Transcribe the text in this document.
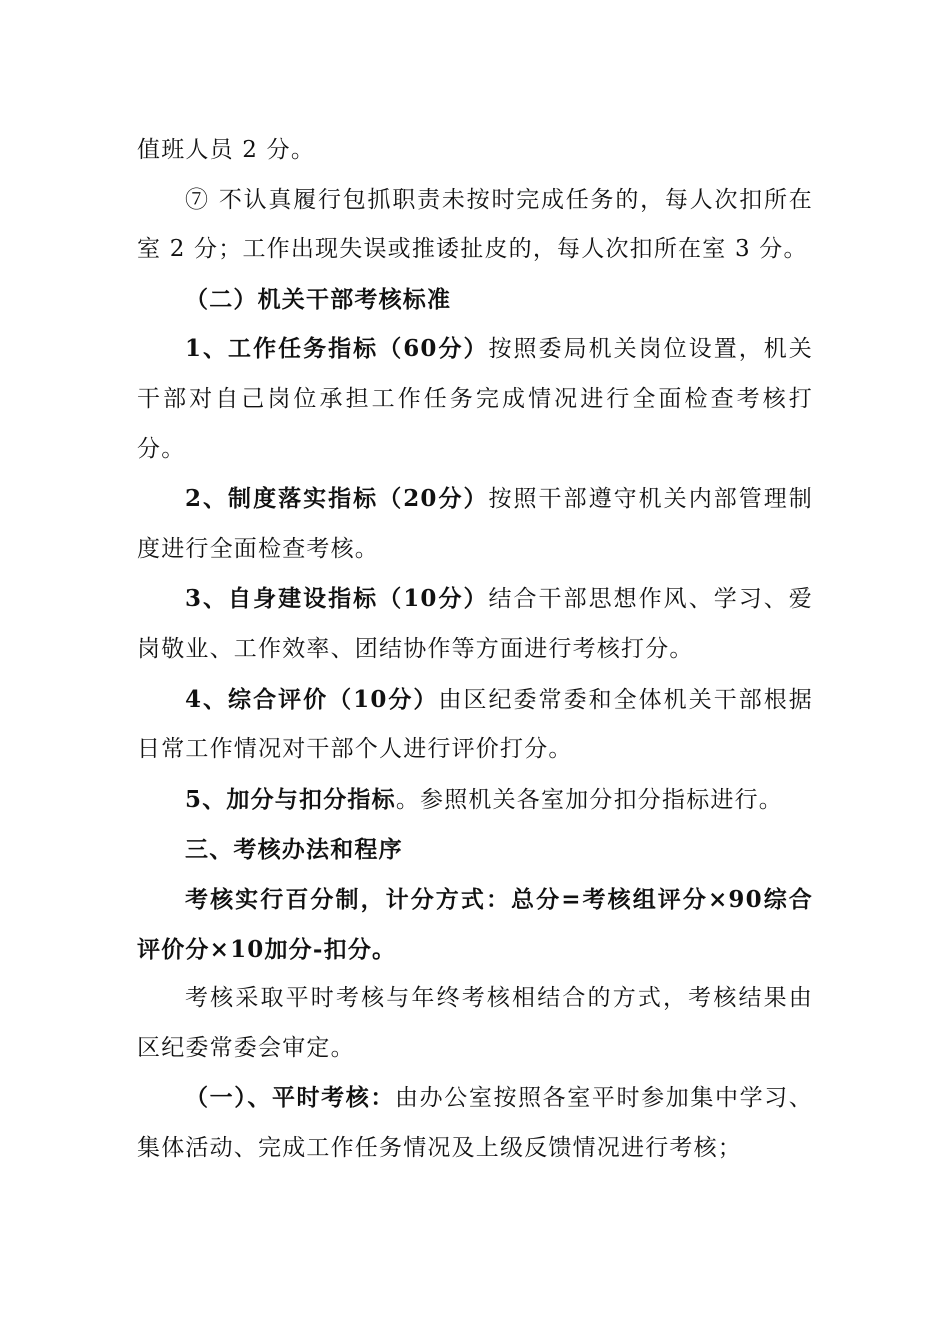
值班人员 2 分。

⑦ 不认真履行包抓职责未按时完成任务的，每人次扣所在室 2 分；工作出现失误或推诿扯皮的，每人次扣所在室 3 分。

（二）机关干部考核标准

1、工作任务指标（60分）按照委局机关岗位设置，机关干部对自己岗位承担工作任务完成情况进行全面检查考核打分。

2、制度落实指标（20分）按照干部遵守机关内部管理制度进行全面检查考核。

3、自身建设指标（10分）结合干部思想作风、学习、爱岗敬业、工作效率、团结协作等方面进行考核打分。

4、综合评价（10分）由区纪委常委和全体机关干部根据日常工作情况对干部个人进行评价打分。

5、加分与扣分指标。参照机关各室加分扣分指标进行。

三、考核办法和程序

考核实行百分制，计分方式：总分=考核组评分×90综合评价分×10加分-扣分。

考核采取平时考核与年终考核相结合的方式，考核结果由区纪委常委会审定。

（一）、平时考核：由办公室按照各室平时参加集中学习、集体活动、完成工作任务情况及上级反馈情况进行考核；
